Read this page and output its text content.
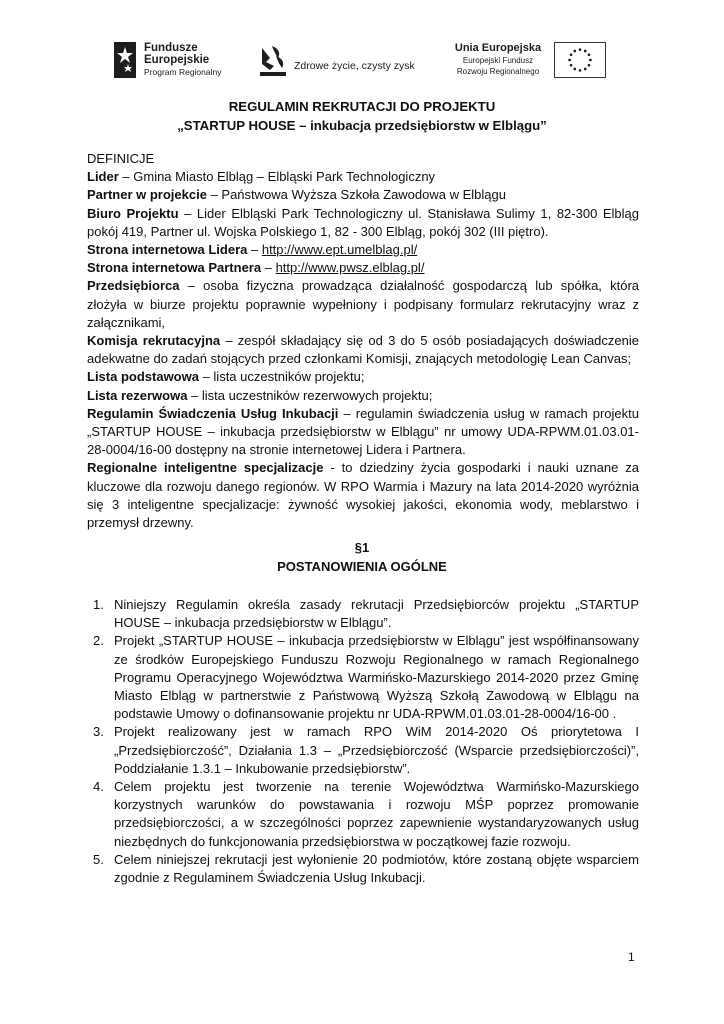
Fundusze
Europejskie
Program Regionalny	Zdrowe życie, czysty zysk
Unia Europejska
Europejski Fundusz
Rozwoju Regionalnego
REGULAMIN REKRUTACJI DO PROJEKTU
„STARTUP HOUSE – inkubacja przedsiębiorstw w Elblągu”

DEFINICJE

Lider – Gmina Miasto Elbląg – Elbląski Park Technologiczny

Partner w projekcie – Państwowa Wyższa Szkoła Zawodowa w Elblągu

Biuro Projektu – Lider Elbląski Park Technologiczny ul. Stanisława Sulimy 1, 82-300 Elbląg pokój 419, Partner ul. Wojska Polskiego 1, 82 - 300 Elbląg, pokój 302 (III piętro).

Strona internetowa Lidera – http://www.ept.umelblag.pl/

Strona internetowa Partnera – http://www.pwsz.elblag.pl/

Przedsiębiorca – osoba fizyczna prowadząca działalność gospodarczą lub spółka, która złożyła w biurze projektu poprawnie wypełniony i podpisany formularz rekrutacyjny wraz z załącznikami,

Komisja rekrutacyjna – zespół składający się od 3 do 5 osób posiadających doświadczenie adekwatne do zadań stojących przed członkami Komisji, znających metodologię Lean Canvas;

Lista podstawowa – lista uczestników projektu;

Lista rezerwowa – lista uczestników rezerwowych projektu;

Regulamin Świadczenia Usług Inkubacji – regulamin świadczenia usług w ramach projektu „STARTUP HOUSE – inkubacja przedsiębiorstw w Elblągu” nr umowy UDA-RPWM.01.03.01-28-0004/16-00 dostępny na stronie internetowej Lidera i Partnera.

Regionalne inteligentne specjalizacje - to dziedziny życia gospodarki i nauki uznane za kluczowe dla rozwoju danego regionów. W RPO Warmia i Mazury na lata 2014-2020 wyróżnia się 3 inteligentne specjalizacje: żywność wysokiej jakości, ekonomia wody, meblarstwo i przemysł drzewny.

§1
POSTANOWIENIA OGÓLNE
1. Niniejszy Regulamin określa zasady rekrutacji Przedsiębiorców projektu „STARTUP HOUSE – inkubacja przedsiębiorstw w Elblągu”.
2. Projekt „STARTUP HOUSE – inkubacja przedsiębiorstw w Elblągu” jest współfinansowany ze środków Europejskiego Funduszu Rozwoju Regionalnego w ramach Regionalnego Programu Operacyjnego Województwa Warmińsko-Mazurskiego 2014-2020 przez Gminę Miasto Elbląg w partnerstwie z Państwową Wyższą Szkołą Zawodową w Elblągu na podstawie Umowy o dofinansowanie projektu nr UDA-RPWM.01.03.01-28-0004/16-00 .
3. Projekt realizowany jest w ramach RPO WiM 2014-2020 Oś priorytetowa I „Przedsiębiorczość”, Działania 1.3 – „Przedsiębiorczość (Wsparcie przedsiębiorczości)”, Poddziałanie 1.3.1 – Inkubowanie przedsiębiorstw”.
4. Celem projektu jest tworzenie na terenie Województwa Warmińsko-Mazurskiego korzystnych warunków do powstawania i rozwoju MŚP poprzez promowanie przedsiębiorczości, a w szczególności poprzez zapewnienie wystandaryzowanych usług niezbędnych do funkcjonowania przedsiębiorstwa w początkowej fazie rozwoju.
5. Celem niniejszej rekrutacji jest wyłonienie 20 podmiotów, które zostaną objęte wsparciem zgodnie z Regulaminem Świadczenia Usług Inkubacji.
1
